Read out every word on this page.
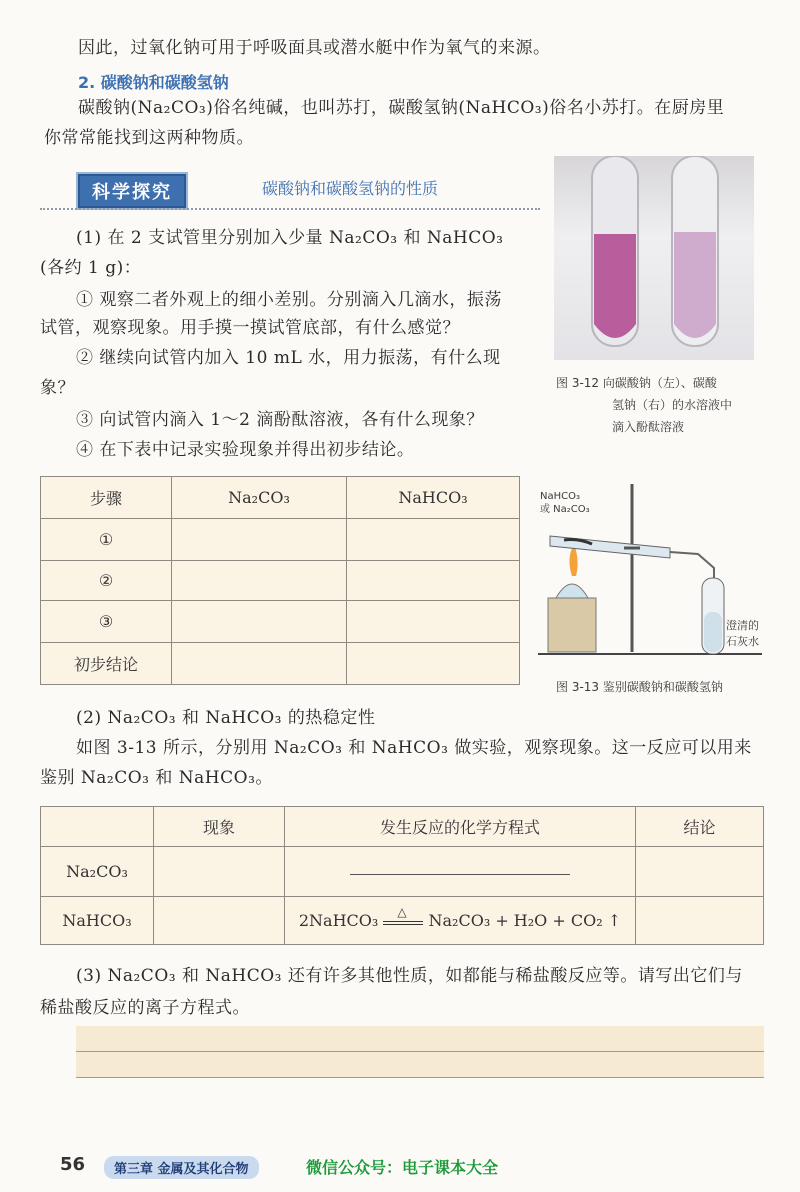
因此，过氧化钠可用于呼吸面具或潜水艇中作为氧气的来源。
2. 碳酸钠和碳酸氢钠
碳酸钠(Na₂CO₃)俗名纯碱，也叫苏打，碳酸氢钠(NaHCO₃)俗名小苏打。在厨房里
你常常能找到这两种物质。
科学探究	碳酸钠和碳酸氢钠的性质
(1) 在 2 支试管里分别加入少量 Na₂CO₃ 和 NaHCO₃
(各约 1 g)：
① 观察二者外观上的细小差别。分别滴入几滴水，振荡
试管，观察现象。用手摸一摸试管底部，有什么感觉？
② 继续向试管内加入 10 mL 水，用力振荡，有什么现
象？
③ 向试管内滴入 1～2 滴酚酞溶液，各有什么现象？
④ 在下表中记录实验现象并得出初步结论。
图 3-12 向碳酸钠（左）、碳酸
氢钠（右）的水溶液中
滴入酚酞溶液
步骤	Na₂CO₃	NaHCO₃
①		
②		
③		
初步结论		
NaHCO₃
或 Na₂CO₃
澄清的
石灰水
图 3-13 鉴别碳酸钠和碳酸氢钠
(2) Na₂CO₃ 和 NaHCO₃ 的热稳定性
如图 3-13 所示，分别用 Na₂CO₃ 和 NaHCO₃ 做实验，观察现象。这一反应可以用来
鉴别 Na₂CO₃ 和 NaHCO₃。
	现象	发生反应的化学方程式	结论
Na₂CO₃		

NaHCO₃		2NaHCO₃ △ Na₂CO₃ + H₂O + CO₂ ↑	
(3) Na₂CO₃ 和 NaHCO₃ 还有许多其他性质，如都能与稀盐酸反应等。请写出它们与
稀盐酸反应的离子方程式。
56	第三章 金属及其化合物	微信公众号：电子课本大全
